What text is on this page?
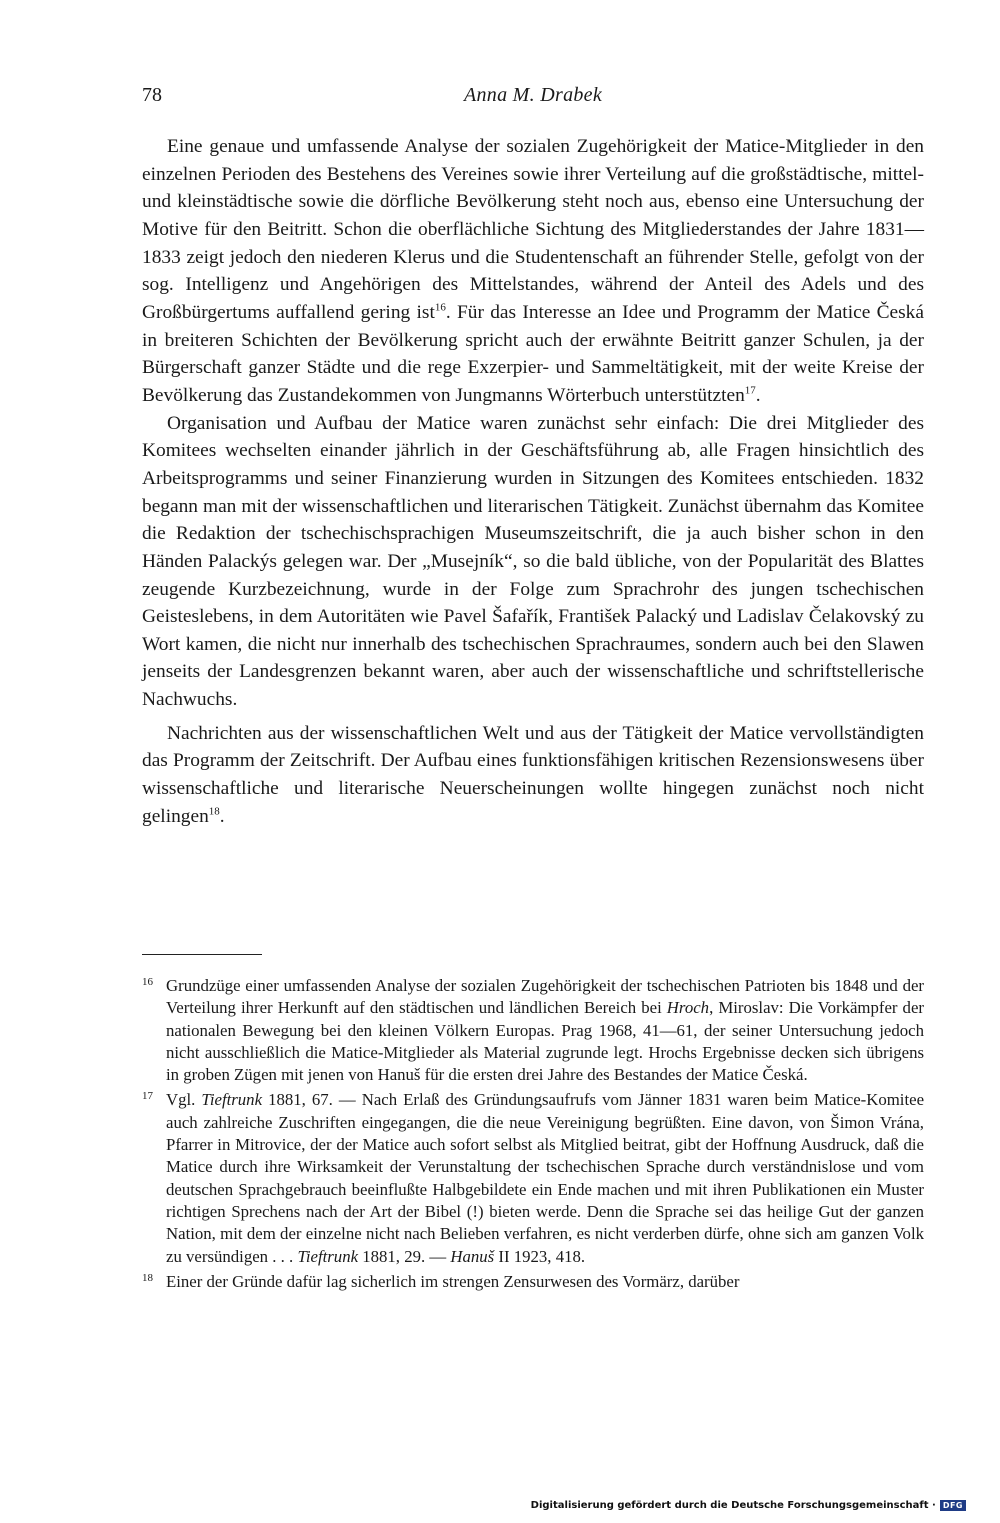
78	Anna M. Drabek

Eine genaue und umfassende Analyse der sozialen Zugehörigkeit der Matice-Mitglieder in den einzelnen Perioden des Bestehens des Vereines sowie ihrer Verteilung auf die großstädtische, mittel- und kleinstädtische sowie die dörfliche Bevölkerung steht noch aus, ebenso eine Untersuchung der Motive für den Beitritt. Schon die oberflächliche Sichtung des Mitgliederstandes der Jahre 1831—1833 zeigt jedoch den niederen Klerus und die Studentenschaft an führender Stelle, gefolgt von der sog. Intelligenz und Angehörigen des Mittelstandes, während der Anteil des Adels und des Großbürgertums auffallend gering ist$^{16}$. Für das Interesse an Idee und Programm der Matice Česká in breiteren Schichten der Bevölkerung spricht auch der erwähnte Beitritt ganzer Schulen, ja der Bürgerschaft ganzer Städte und die rege Exzerpier- und Sammeltätigkeit, mit der weite Kreise der Bevölkerung das Zustandekommen von Jungmanns Wörterbuch unterstützten$^{17}$.

Organisation und Aufbau der Matice waren zunächst sehr einfach: Die drei Mitglieder des Komitees wechselten einander jährlich in der Geschäftsführung ab, alle Fragen hinsichtlich des Arbeitsprogramms und seiner Finanzierung wurden in Sitzungen des Komitees entschieden. 1832 begann man mit der wissenschaftlichen und literarischen Tätigkeit. Zunächst übernahm das Komitee die Redaktion der tschechischsprachigen Museumszeitschrift, die ja auch bisher schon in den Händen Palackýs gelegen war. Der „Musejník“, so die bald übliche, von der Popularität des Blattes zeugende Kurzbezeichnung, wurde in der Folge zum Sprachrohr des jungen tschechischen Geisteslebens, in dem Autoritäten wie Pavel Šafařík, František Palacký und Ladislav Čelakovský zu Wort kamen, die nicht nur innerhalb des tschechischen Sprachraumes, sondern auch bei den Slawen jenseits der Landesgrenzen bekannt waren, aber auch der wissenschaftliche und schriftstellerische Nachwuchs.

Nachrichten aus der wissenschaftlichen Welt und aus der Tätigkeit der Matice vervollständigten das Programm der Zeitschrift. Der Aufbau eines funktionsfähigen kritischen Rezensionswesens über wissenschaftliche und literarische Neuerscheinungen wollte hingegen zunächst noch nicht gelingen$^{18}$.

16 Grundzüge einer umfassenden Analyse der sozialen Zugehörigkeit der tschechischen Patrioten bis 1848 und der Verteilung ihrer Herkunft auf den städtischen und ländlichen Bereich bei Hroch, Miroslav: Die Vorkämpfer der nationalen Bewegung bei den kleinen Völkern Europas. Prag 1968, 41—61, der seiner Untersuchung jedoch nicht ausschließlich die Matice-Mitglieder als Material zugrunde legt. Hrochs Ergebnisse decken sich übrigens in groben Zügen mit jenen von Hanuš für die ersten drei Jahre des Bestandes der Matice Česká.
17 Vgl. Tieftrunk 1881, 67. — Nach Erlaß des Gründungsaufrufs vom Jänner 1831 waren beim Matice-Komitee auch zahlreiche Zuschriften eingegangen, die die neue Vereinigung begrüßten. Eine davon, von Šimon Vrána, Pfarrer in Mitrovice, der der Matice auch sofort selbst als Mitglied beitrat, gibt der Hoffnung Ausdruck, daß die Matice durch ihre Wirksamkeit der Verunstaltung der tschechischen Sprache durch verständnislose und vom deutschen Sprachgebrauch beeinflußte Halbgebildete ein Ende machen und mit ihren Publikationen ein Muster richtigen Sprechens nach der Art der Bibel (!) bieten werde. Denn die Sprache sei das heilige Gut der ganzen Nation, mit dem der einzelne nicht nach Belieben verfahren, es nicht verderben dürfe, ohne sich am ganzen Volk zu versündigen . . . Tieftrunk 1881, 29. — Hanuš II 1923, 418.
18 Einer der Gründe dafür lag sicherlich im strengen Zensurwesen des Vormärz, darüber
Digitalisierung gefördert durch die Deutsche Forschungsgemeinschaft · DFG
